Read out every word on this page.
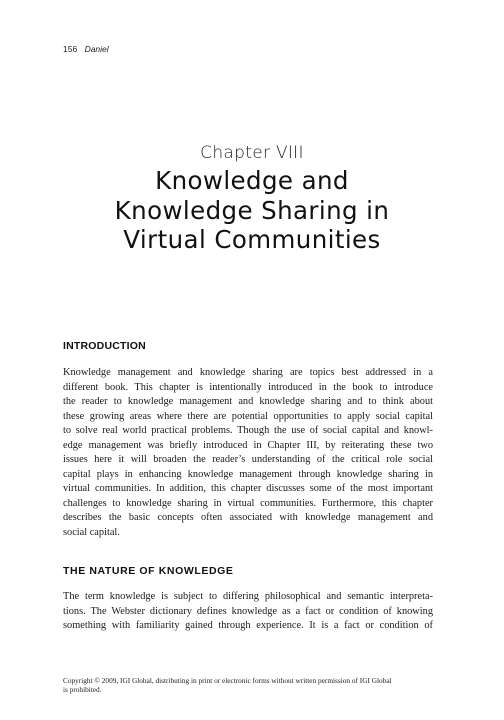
156 Daniel
Chapter VIII
Knowledge and
Knowledge Sharing in
Virtual Communities
INTRODUCTION
Knowledge management and knowledge sharing are topics best addressed in a
different book. This chapter is intentionally introduced in the book to introduce
the reader to knowledge management and knowledge sharing and to think about
these growing areas where there are potential opportunities to apply social capital
to solve real world practical problems. Though the use of social capital and knowl-
edge management was briefly introduced in Chapter III, by reiterating these two
issues here it will broaden the reader’s understanding of the critical role social
capital plays in enhancing knowledge management through knowledge sharing in
virtual communities. In addition, this chapter discusses some of the most important
challenges to knowledge sharing in virtual communities. Furthermore, this chapter
describes the basic concepts often associated with knowledge management and
social capital.
THE NATURE OF KNOWLEDGE
The term knowledge is subject to differing philosophical and semantic interpreta-
tions. The Webster dictionary defines knowledge as a fact or condition of knowing
something with familiarity gained through experience. It is a fact or condition of
Copyright © 2009, IGI Global, distributing in print or electronic forms without written permission of IGI Global
is prohibited.
